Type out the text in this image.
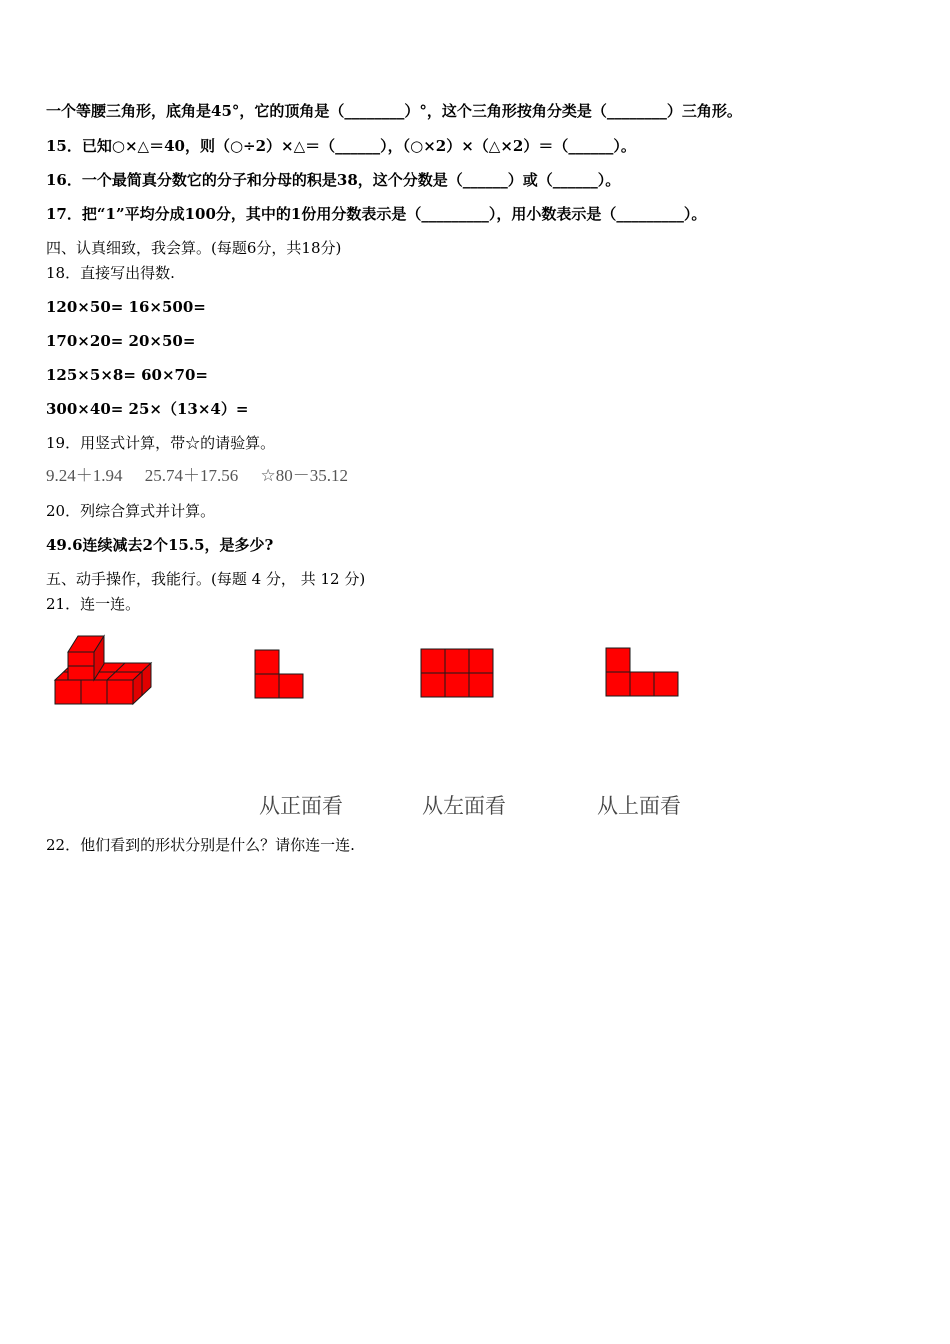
一个等腰三角形，底角是45°，它的顶角是（________）°，这个三角形按角分类是（________）三角形。
15．已知○×△＝40，则（○÷2）×△＝（______），（○×2）×（△×2）＝（______）。
16．一个最简真分数它的分子和分母的积是38，这个分数是（______）或（______）。
17．把“1”平均分成100分，其中的1份用分数表示是（_________），用小数表示是（_________）。
四、认真细致，我会算。(每题6分，共18分)
18．直接写出得数.
120×50= 16×500=
170×20= 20×50=
125×5×8= 60×70=
300×40= 25×（13×4）=
19．用竖式计算，带☆的请验算。
9.24＋1.94 25.74＋17.56 ☆80－35.12
20．列综合算式并计算。
49.6连续减去2个15.5，是多少?
五、动手操作，我能行。(每题 4 分， 共 12 分)
21．连一连。
从正面看	从左面看	从上面看
22．他们看到的形状分别是什么？请你连一连.
